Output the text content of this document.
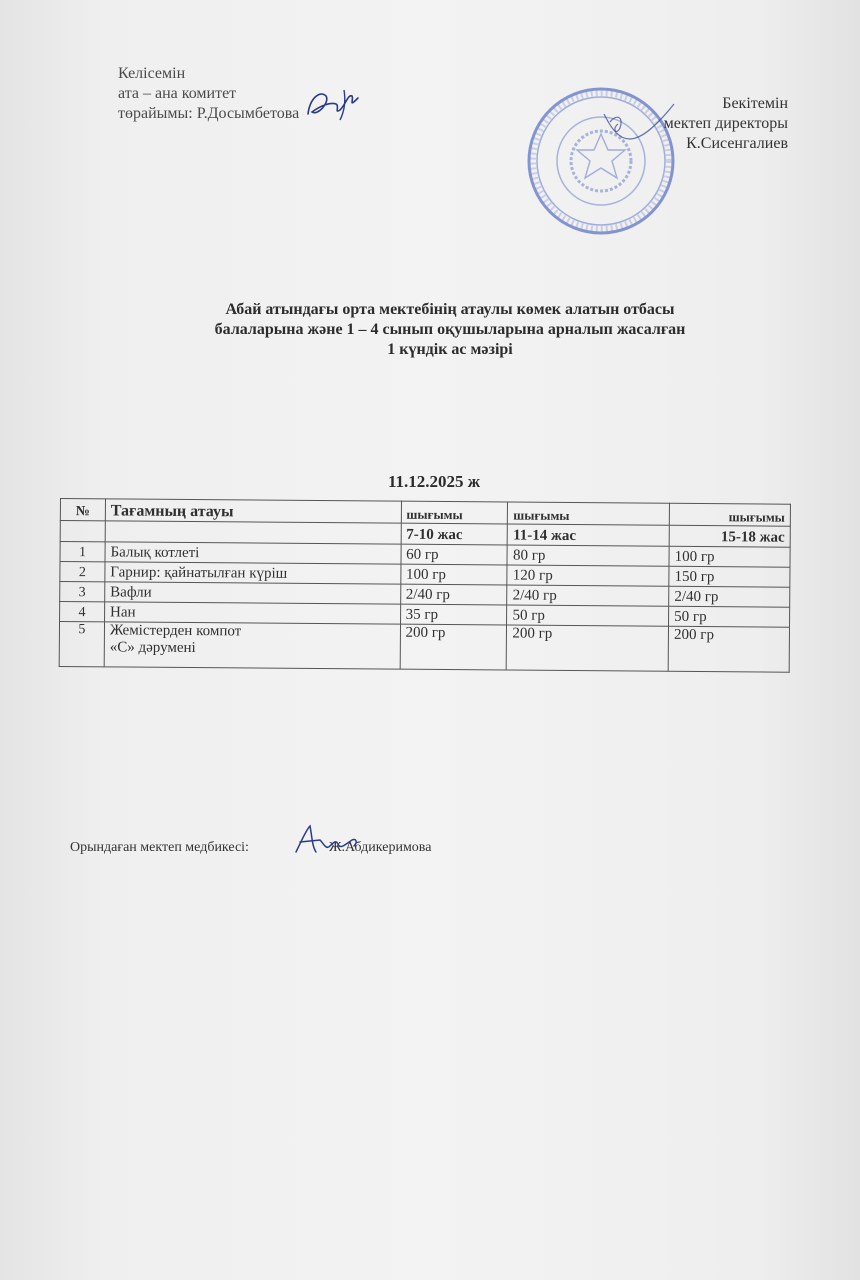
Келісемін
ата – ана комитет
төрайымы: Р.Досымбетова
Бекітемін
мектеп директоры
К.Сисенгалиев
Абай атындағы орта мектебінің атаулы көмек алатын отбасы
балаларына және 1 – 4 сынып оқушыларына арналып жасалған
1 күндік ас мәзірі
11.12.2025 ж
№	Тағамның атауы	шығымы	шығымы	шығымы
		7-10 жас	11-14 жас	15-18 жас
1	Балық котлеті	60 гр	80 гр	100 гр
2	Гарнир: қайнатылған күріш	100 гр	120 гр	150 гр
3	Вафли	2/40 гр	2/40 гр	2/40 гр
4	Нан	35 гр	50 гр	50 гр
5	Жемістерден компот
«С» дәрумені	200 гр	200 гр	200 гр
Орындаған мектеп медбикесі:	Ж.Абдикеримова
